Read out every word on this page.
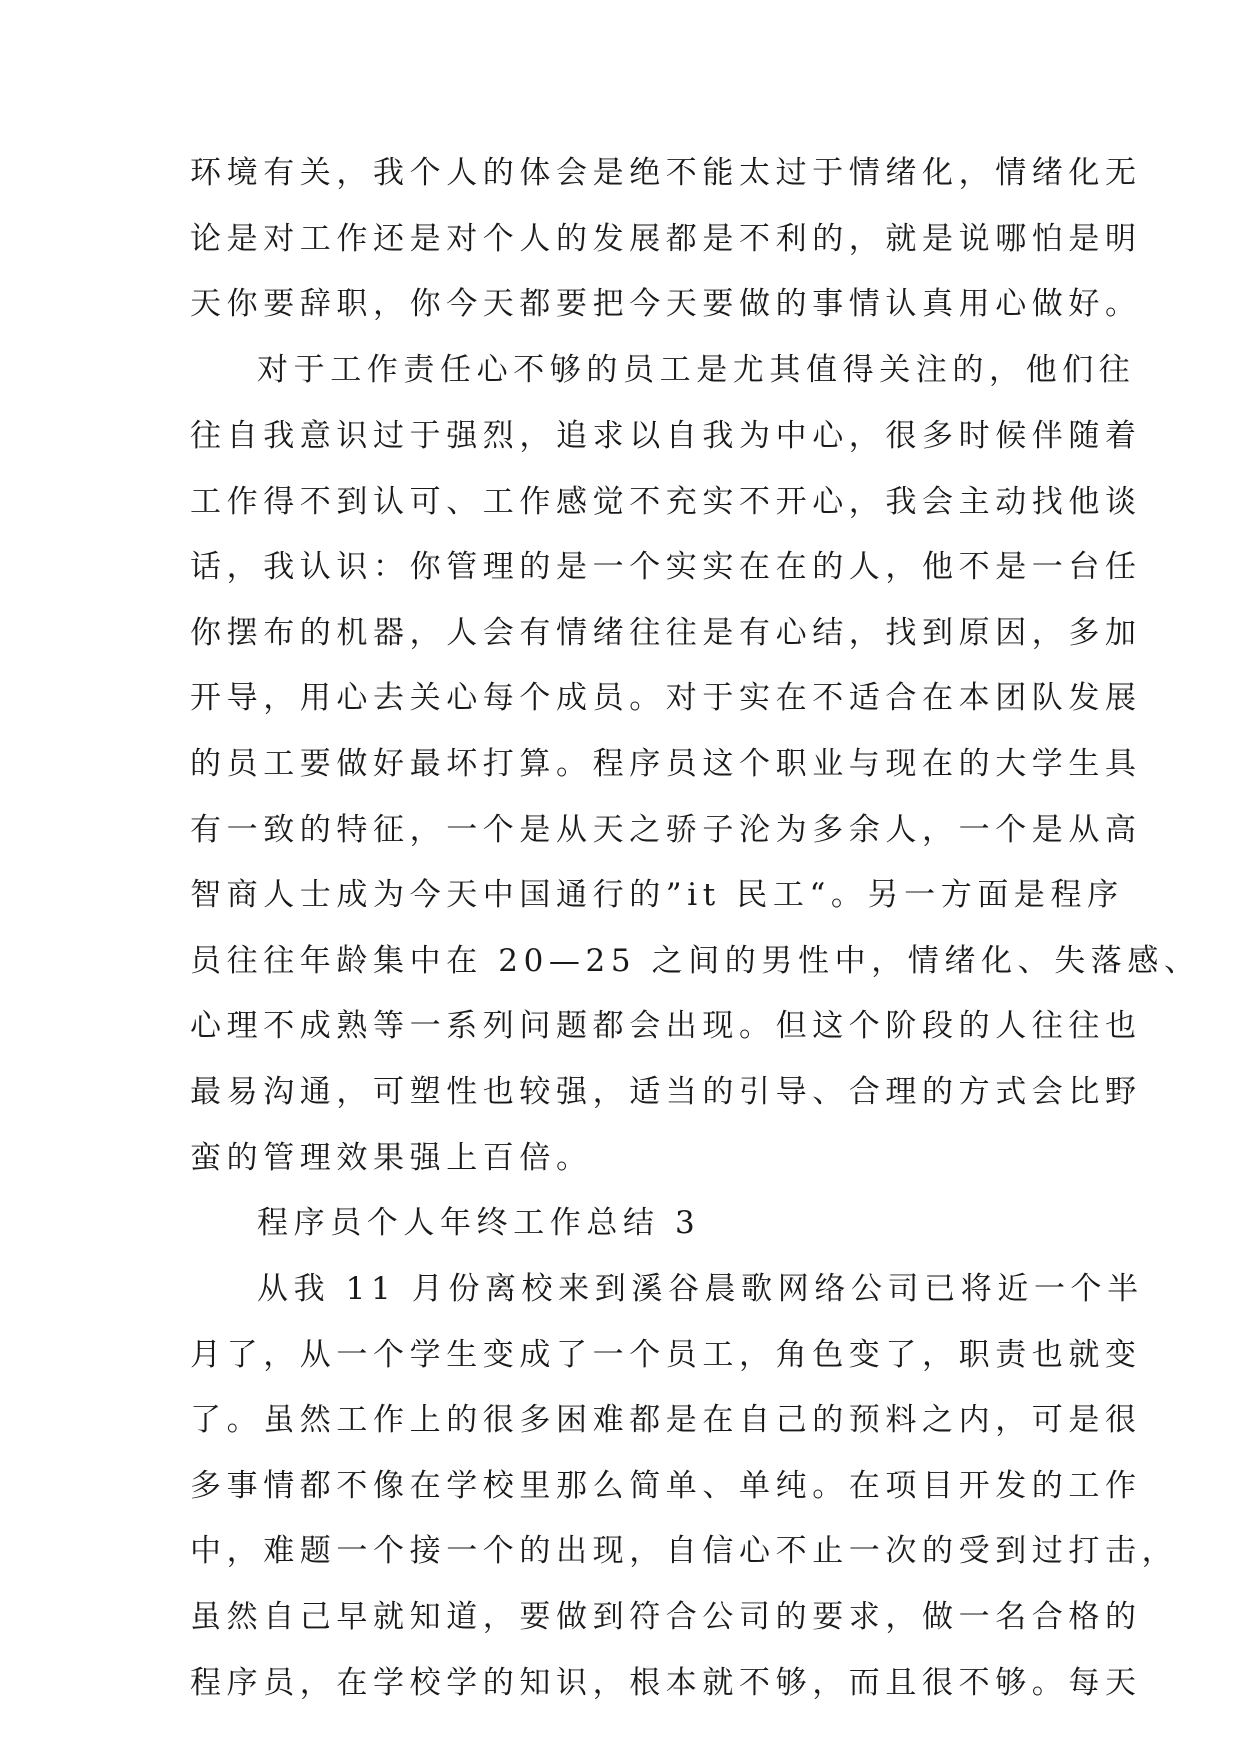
环境有关，我个人的体会是绝不能太过于情绪化，情绪化无
论是对工作还是对个人的发展都是不利的，就是说哪怕是明
天你要辞职，你今天都要把今天要做的事情认真用心做好。
对于工作责任心不够的员工是尤其值得关注的，他们往
往自我意识过于强烈，追求以自我为中心，很多时候伴随着
工作得不到认可、工作感觉不充实不开心，我会主动找他谈
话，我认识：你管理的是一个实实在在的人，他不是一台任
你摆布的机器，人会有情绪往往是有心结，找到原因，多加
开导，用心去关心每个成员。对于实在不适合在本团队发展
的员工要做好最坏打算。程序员这个职业与现在的大学生具
有一致的特征，一个是从天之骄子沦为多余人，一个是从高
智商人士成为今天中国通行的”it 民工“。另一方面是程序
员往往年龄集中在 20—25 之间的男性中，情绪化、失落感、
心理不成熟等一系列问题都会出现。但这个阶段的人往往也
最易沟通，可塑性也较强，适当的引导、合理的方式会比野
蛮的管理效果强上百倍。
程序员个人年终工作总结 3
从我 11 月份离校来到溪谷晨歌网络公司已将近一个半
月了，从一个学生变成了一个员工，角色变了，职责也就变
了。虽然工作上的很多困难都是在自己的预料之内，可是很
多事情都不像在学校里那么简单、单纯。在项目开发的工作
中，难题一个接一个的出现，自信心不止一次的受到过打击，
虽然自己早就知道，要做到符合公司的要求，做一名合格的
程序员，在学校学的知识，根本就不够，而且很不够。每天
